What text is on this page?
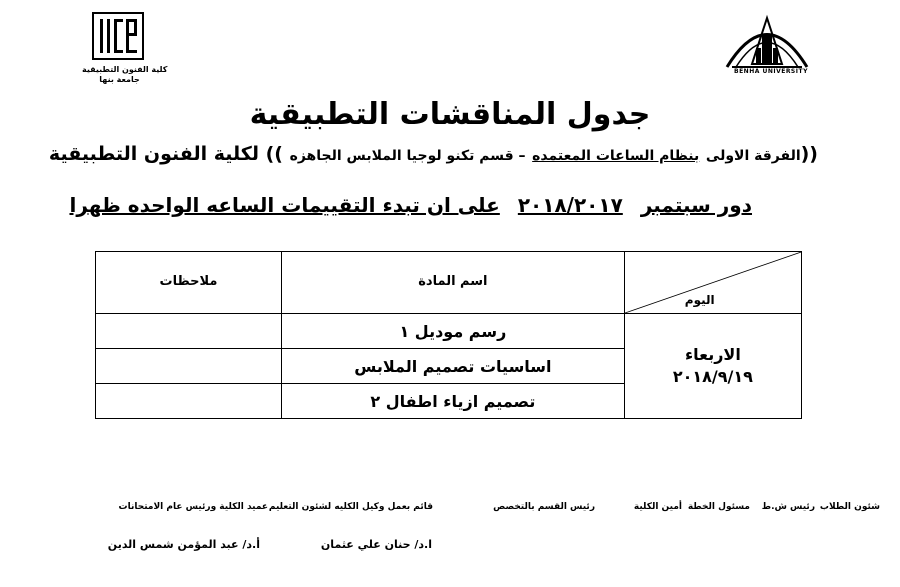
كلية الفنون التطبيقية
جامعة بنها
BENHA UNIVERSITY
جدول المناقشات التطبيقية
((الفرقة الاولى بنظام الساعات المعتمده – قسم تكنو لوجيا الملابس الجاهزه )) لكلية الفنون التطبيقية
دور سبتمبر٢٠١٨/٢٠١٧على ان تبدء التقييمات الساعه الواحده ظهرا
اليوم	اسم المادة	ملاحظات

الاربعاء
٢٠١٨/٩/١٩	رسم موديل ١	
	اساسيات تصميم الملابس	
	تصميم ازياء اطفال ٢	
شئون الطلاب
رئيس ش.ط
مسئول الخطة
أمين الكلية
رئيس القسم بالتخصص
قائم بعمل وكيل الكليه لشئون التعليم
عميد الكلية ورئيس عام الامتحانات
ا.د/ حنان علي عثمان
أ.د/ عبد المؤمن شمس الدين
